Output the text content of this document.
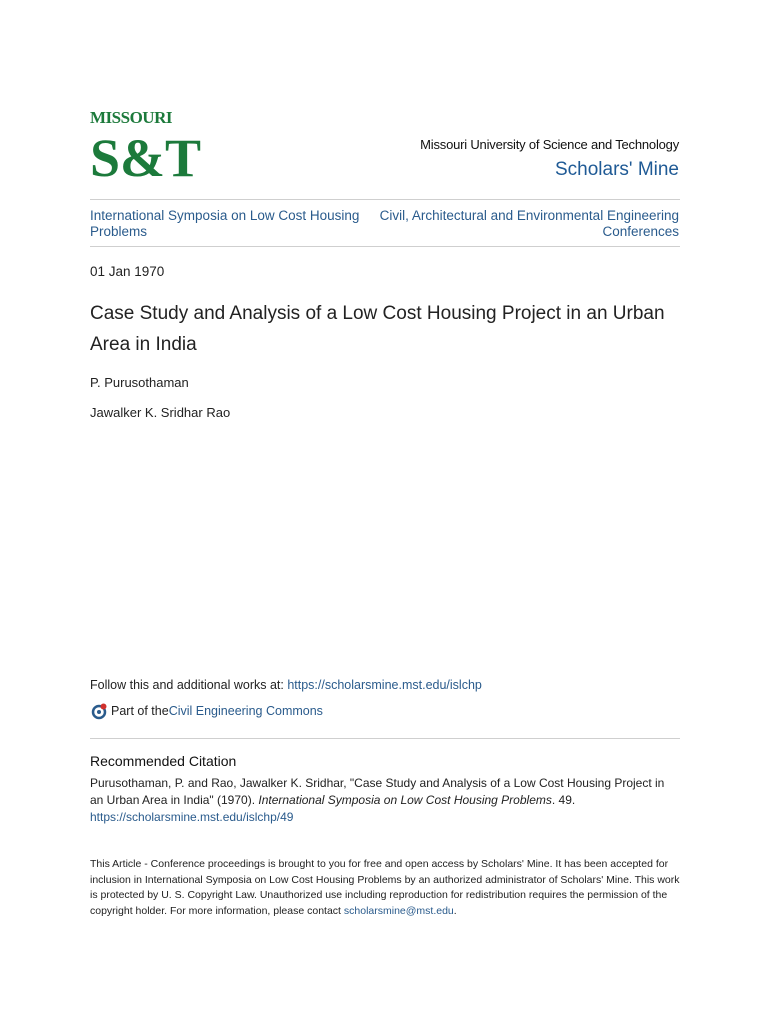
MISSOURI
S&T	Missouri University of Science and Technology
Scholars' Mine
International Symposia on Low Cost Housing Problems
Civil, Architectural and Environmental Engineering Conferences
01 Jan 1970
Case Study and Analysis of a Low Cost Housing Project in an Urban Area in India
P. Purusothaman
Jawalker K. Sridhar Rao
Follow this and additional works at: https://scholarsmine.mst.edu/islchp
Part of the Civil Engineering Commons
Recommended Citation
Purusothaman, P. and Rao, Jawalker K. Sridhar, "Case Study and Analysis of a Low Cost Housing Project in an Urban Area in India" (1970). International Symposia on Low Cost Housing Problems. 49.
https://scholarsmine.mst.edu/islchp/49
This Article - Conference proceedings is brought to you for free and open access by Scholars' Mine. It has been accepted for inclusion in International Symposia on Low Cost Housing Problems by an authorized administrator of Scholars' Mine. This work is protected by U. S. Copyright Law. Unauthorized use including reproduction for redistribution requires the permission of the copyright holder. For more information, please contact scholarsmine@mst.edu.
